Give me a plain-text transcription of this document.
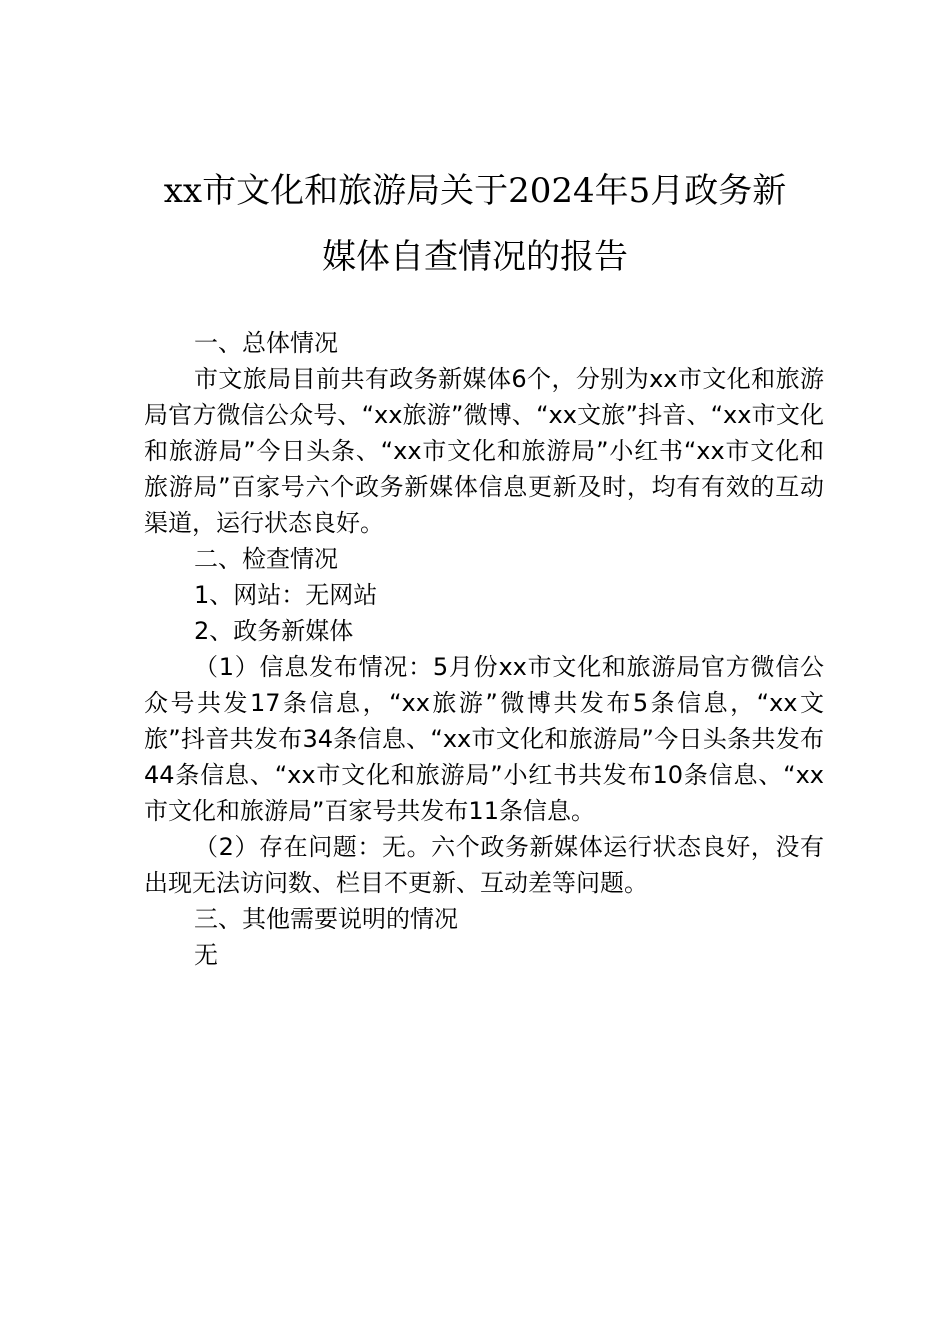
xx市文化和旅游局关于2024年5月政务新
媒体自查情况的报告

一、总体情况

市文旅局目前共有政务新媒体6个，分别为xx市文化和旅游局官方微信公众号、“xx旅游”微博、“xx文旅”抖音、“xx市文化和旅游局”今日头条、“xx市文化和旅游局”小红书“xx市文化和旅游局”百家号六个政务新媒体信息更新及时，均有有效的互动渠道，运行状态良好。

二、检查情况

1、网站：无网站

2、政务新媒体

（1）信息发布情况：5月份xx市文化和旅游局官方微信公众号共发17条信息，“xx旅游”微博共发布5条信息，“xx文旅”抖音共发布34条信息、“xx市文化和旅游局”今日头条共发布44条信息、“xx市文化和旅游局”小红书共发布10条信息、“xx市文化和旅游局”百家号共发布11条信息。

（2）存在问题：无。六个政务新媒体运行状态良好，没有出现无法访问数、栏目不更新、互动差等问题。

三、其他需要说明的情况

无
